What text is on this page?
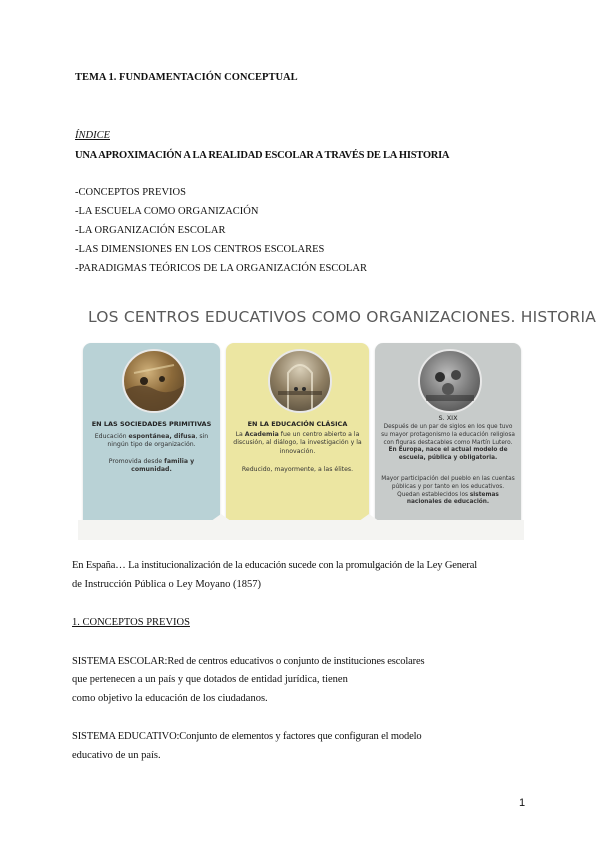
TEMA 1. FUNDAMENTACIÓN CONCEPTUAL
ÍNDICE
UNA APROXIMACIÓN A LA REALIDAD ESCOLAR A TRAVÉS DE LA HISTORIA
-CONCEPTOS PREVIOS
-LA ESCUELA COMO ORGANIZACIÓN
-LA ORGANIZACIÓN ESCOLAR
-LAS DIMENSIONES EN LOS CENTROS ESCOLARES
-PARADIGMAS TEÓRICOS DE LA ORGANIZACIÓN ESCOLAR
LOS CENTROS EDUCATIVOS COMO ORGANIZACIONES. HISTORIA
EN LAS SOCIEDADES PRIMITIVAS
Educación espontánea, difusa, sin ningún tipo de organización.
Promovida desde familia y comunidad.
EN LA EDUCACIÓN CLÁSICA
La Academia fue un centro abierto a la discusión, al diálogo, la investigación y la innovación.
Reducido, mayormente, a las élites.
S. XIX
Después de un par de siglos en los que tuvo su mayor protagonismo la educación religiosa con figuras destacables como Martín Lutero. En Europa, nace el actual modelo de escuela, pública y obligatoria.
Mayor participación del pueblo en las cuentas públicas y por tanto en los educativos. Quedan establecidos los sistemas nacionales de educación.
En España… La institucionalización de la educación sucede con la promulgación de la Ley General
de Instrucción Pública o Ley Moyano (1857)
1. CONCEPTOS PREVIOS
SISTEMA ESCOLAR:Red de centros educativos o conjunto de instituciones escolares
que pertenecen a un país y que dotados de entidad jurídica, tienen
como objetivo la educación de los ciudadanos.
SISTEMA EDUCATIVO:Conjunto de elementos y factores que configuran el modelo
educativo de un país.
1
